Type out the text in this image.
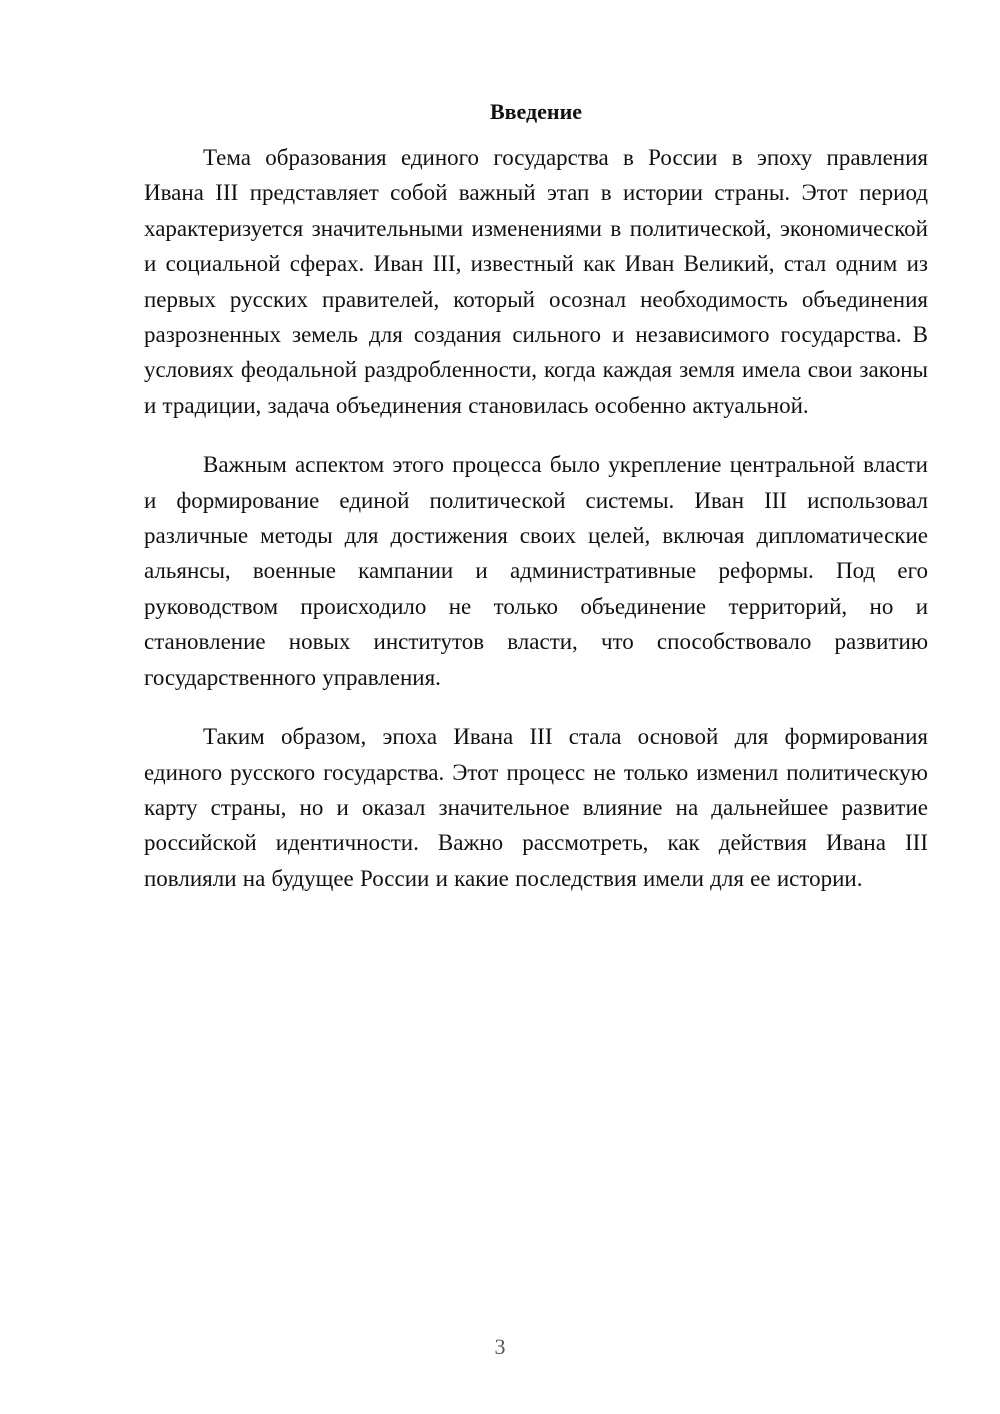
Введение

Тема образования единого государства в России в эпоху правления Ивана III представляет собой важный этап в истории страны. Этот период характеризуется значительными изменениями в политической, экономической и социальной сферах. Иван III, известный как Иван Великий, стал одним из первых русских правителей, который осознал необходимость объединения разрозненных земель для создания сильного и независимого государства. В условиях феодальной раздробленности, когда каждая земля имела свои законы и традиции, задача объединения становилась особенно актуальной.

Важным аспектом этого процесса было укрепление центральной власти и формирование единой политической системы. Иван III использовал различные методы для достижения своих целей, включая дипломатические альянсы, военные кампании и административные реформы. Под его руководством происходило не только объединение территорий, но и становление новых институтов власти, что способствовало развитию государственного управления.

Таким образом, эпоха Ивана III стала основой для формирования единого русского государства. Этот процесс не только изменил политическую карту страны, но и оказал значительное влияние на дальнейшее развитие российской идентичности. Важно рассмотреть, как действия Ивана III повлияли на будущее России и какие последствия имели для ее истории.

3
